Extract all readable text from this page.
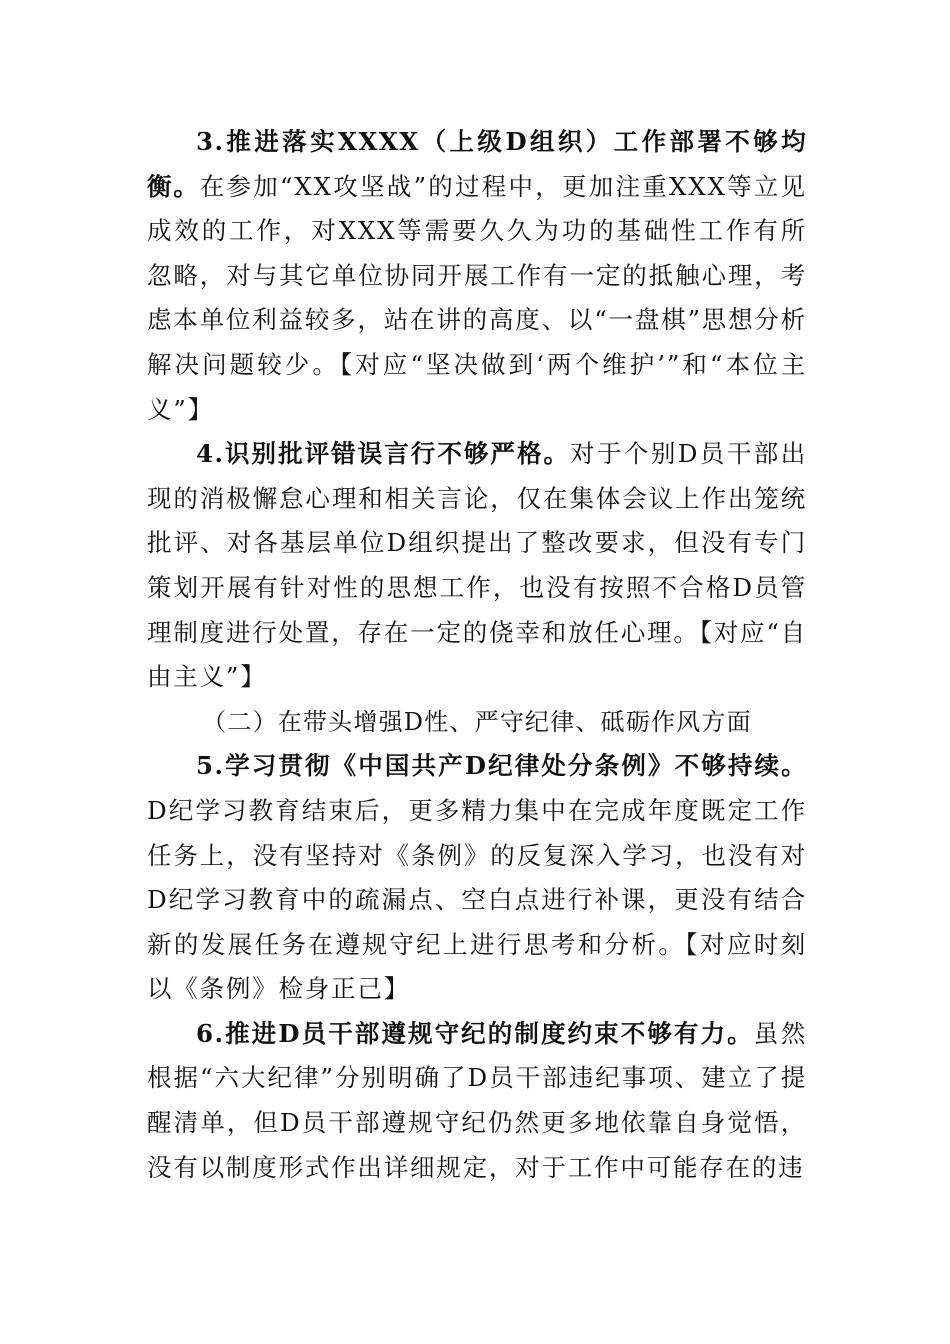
3.推进落实XXXX（上级D组织）工作部署不够均衡。在参加“XX攻坚战”的过程中，更加注重XXX等立见成效的工作，对XXX等需要久久为功的基础性工作有所忽略，对与其它单位协同开展工作有一定的抵触心理，考虑本单位利益较多，站在讲的高度、以“一盘棋”思想分析解决问题较少。【对应“坚决做到‘两个维护’”和“本位主义”】

4.识别批评错误言行不够严格。对于个别D员干部出现的消极懈怠心理和相关言论，仅在集体会议上作出笼统批评、对各基层单位D组织提出了整改要求，但没有专门策划开展有针对性的思想工作，也没有按照不合格D员管理制度进行处置，存在一定的侥幸和放任心理。【对应“自由主义”】

（二）在带头增强D性、严守纪律、砥砺作风方面

5.学习贯彻《中国共产D纪律处分条例》不够持续。D纪学习教育结束后，更多精力集中在完成年度既定工作任务上，没有坚持对《条例》的反复深入学习，也没有对D纪学习教育中的疏漏点、空白点进行补课，更没有结合新的发展任务在遵规守纪上进行思考和分析。【对应时刻以《条例》检身正己】

6.推进D员干部遵规守纪的制度约束不够有力。虽然根据“六大纪律”分别明确了D员干部违纪事项、建立了提醒清单，但D员干部遵规守纪仍然更多地依靠自身觉悟，没有以制度形式作出详细规定，对于工作中可能存在的违
